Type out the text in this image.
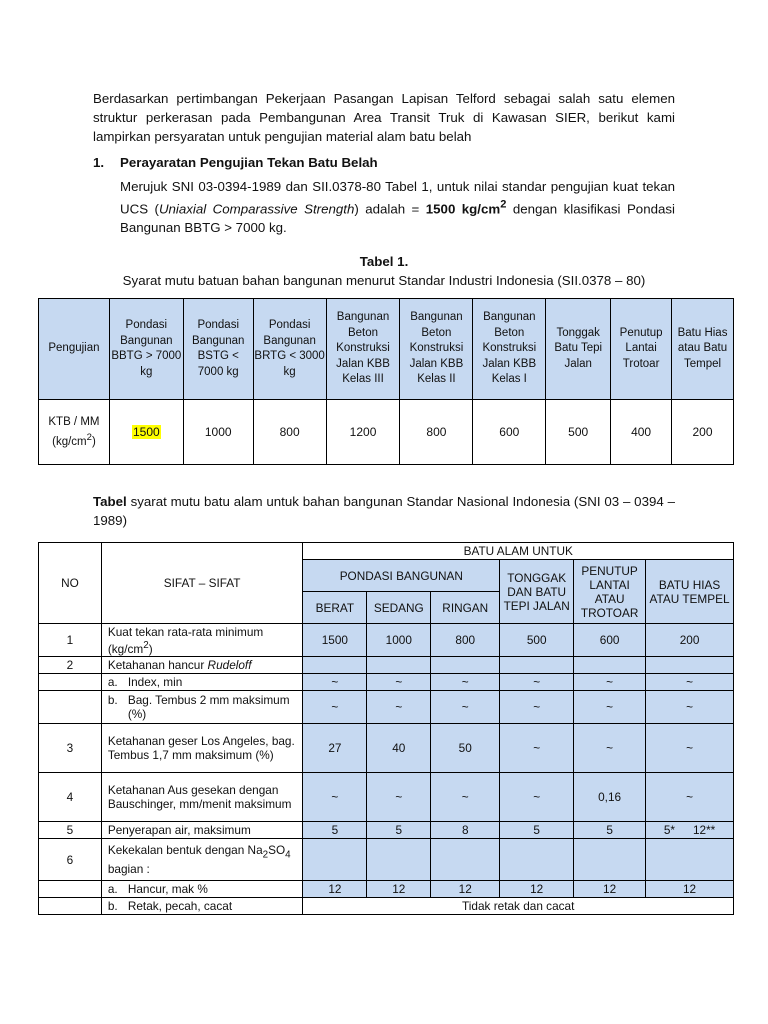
Berdasarkan pertimbangan Pekerjaan Pasangan Lapisan Telford sebagai salah satu elemen struktur perkerasan pada Pembangunan Area Transit Truk di Kawasan SIER, berikut kami lampirkan persyaratan untuk pengujian material alam batu belah
1. Perayaratan Pengujian Tekan Batu Belah
Merujuk SNI 03-0394-1989 dan SII.0378-80 Tabel 1, untuk nilai standar pengujian kuat tekan UCS (Uniaxial Comparassive Strength) adalah = 1500 $kg/cm^2$ dengan klasifikasi Pondasi Bangunan BBTG > 7000 kg.
Tabel 1.
Syarat mutu batuan bahan bangunan menurut Standar Industri Indonesia (SII.0378 – 80)
Pengujian	Pondasi Bangunan BBTG > 7000 kg	Pondasi Bangunan BSTG < 7000 kg	Pondasi Bangunan BRTG < 3000 kg	Bangunan Beton Konstruksi Jalan KBB Kelas III	Bangunan Beton Konstruksi Jalan KBB Kelas II	Bangunan Beton Konstruksi Jalan KBB Kelas I	Tonggak Batu Tepi Jalan	Penutup Lantai Trotoar	Batu Hias atau Batu Tempel
KTB / MM $(kg/cm^2)$	1500	1000	800	1200	800	600	500	400	200
Tabel syarat mutu batu alam untuk bahan bangunan Standar Nasional Indonesia (SNI 03 – 0394 – 1989)
NO	SIFAT – SIFAT	BATU ALAM UNTUK					
		PONDASI BANGUNAN			TONGGAK DAN BATU TEPI JALAN	PENUTUP LANTAI ATAU TROTOAR	BATU HIAS ATAU TEMPEL
		BERAT	SEDANG	RINGAN			
1	Kuat tekan rata-rata minimum $(kg/cm^2)$	1500	1000	800	500	600	200
2	Ketahanan hancur Rudeloff						
	a. Index, min	~	~	~	~	~	~

	b. Bag. Tembus 2 mm maksimum (%)	~	~	~	~	~	~
3	Ketahanan geser Los Angeles, bag. Tembus 1,7 mm maksimum (%)	27	40	50	~	~	~
4	Ketahanan Aus gesekan dengan Bauschinger, mm/menit maksimum	~	~	~	~	0,16	~
5	Penyerapan air, maksimum	5	5	8	5	5	5* 12**
6	Kekekalan bentuk dengan $Na_2SO_4$ bagian :						
	a. Hancur, mak %	12	12	12	12	12	12
	b. Retak, pecah, cacat	Tidak retak dan cacat					
